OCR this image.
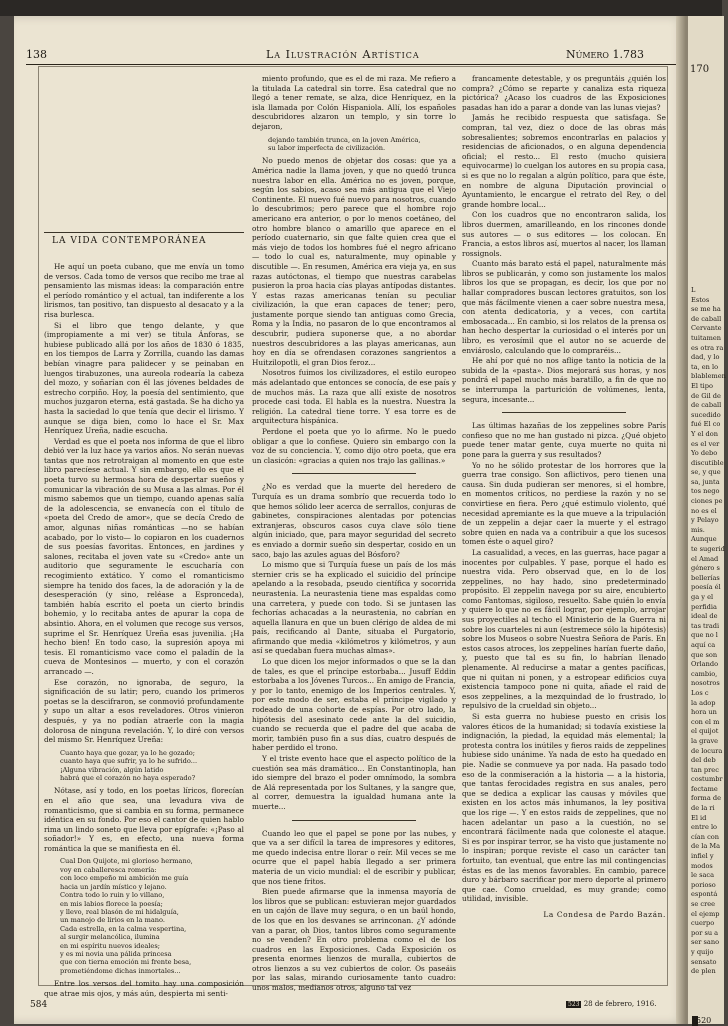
170
L
Estos
se me ha
de caball
Cervante
tuitamen
es otra ra
dad, y lo
ta, en lo
blablemen
El tipo
de Gil de
de caball
sucedido
fué El co
Y el don
es el ver
Yo debo
discutible
se, y que
sa, junta
tos nego
ciones pe
no es el
y Pelayo
mis.
Aunque
te sugerid
el Amad
género s
bellerías
poesía él
ga y el
perfidia
ideal de
tas tradi
que no l
aquí ca
que son
Orlando
cambio,
nosotros
Los c
la adop
hora un
con el m
el quijot
la grave
de locura
del deb
tan prec
costumbr
fectame
forma de
de la ri
El id
entre lo
cían con
de la Ma
infiel y
modos
le saca
porioso
espontá
se cree
el ejemp
cuerpo
por su a
ser sano
y quijo
sensato
de plen
520
138	La Ilustración Artística	Número 1.783
LA VIDA CONTEMPORÁNEA

He aquí un poeta cubano, que me envía un tomo de versos. Cada tomo de versos que recibo me trae al pensamiento las mismas ideas: la comparación entre el período romántico y el actual, tan indiferente a los lirismos, tan positivo, tan dispuesto al desacato y a la risa burlesca.

Si el libro que tengo delante, y que (impropiamente a mi ver) se titula Ánforas, se hubiese publicado allá por los años de 1830 ó 1835, en los tiempos de Larra y Zorrilla, cuando las damas bebían vinagre para palidecer y se peinaban en luengos tirabuzones, una aureola rodearía la cabeza del mozo, y soñarían con él las jóvenes beldades de estrecho corpiño. Hoy, la poesía del sentimiento, que muchos juzgaron eterna, está gastada. Se ha dicho ya hasta la saciedad lo que tenía que decir el lirismo. Y aunque se diga bien, como lo hace el Sr. Max Henríquez Ureña, nadie escucha.

Verdad es que el poeta nos informa de que el libro debió ver la luz hace ya varios años. No serán nuevas tantas que nos retrotraigan al momento en que este libro parecíese actual. Y sin embargo, ello es que el poeta turvo su hermosa hora de despertar sueños y comunicar la vibración de su Musa a las almas. Por él mismo sabemos que un tiempo, cuando apenas salía de la adolescencia, se envanecía con el título de «poeta del Credo de amor», que se decía Credo de amor, algunas niñas románticas —no se habían acabado, por lo visto— lo copiaron en los cuadernos de sus poesías favoritas. Entonces, en jardines y salones, recitaba el joven vate su «Credo» ante un auditorio que seguramente le escucharía con recogimiento extático. Y como el romanticismo siempre ha tenido dos faces, la de adoración y la de desesperación (y sino, reléase a Espronceda), también había escrito el poeta un cierto brindis bohemio, y lo recitaba antes de apurar la copa de absintio. Ahora, en el volumen que recoge sus versos, suprime el Sr. Henríquez Ureña esas juvenilia. ¡Ha hecho bien! En todo caso, la supresión apoya mi tesis. El romanticismo vace como el paladín de la cueva de Montesinos — muerto, y con el corazón arrancado —.

Ese corazón, no ignoraba, de seguro, la significación de su latir; pero, cuando los primeros poetas se la descifraron, se conmovió profundamente y supo un altar a esos reveladores. Otros vinieron después, y ya no podían atraerle con la magia dolorosa de ninguna revelación. Y, lo diré con versos del mismo Sr. Henríquez Ureña:

Cuanto haya que gozar, ya lo he gozado;
cuanto haya que sufrir, ya lo he sufrido...
¡Alguna vibración, algún latido
habrá que el corazón no haya esperado?

Nótase, así y todo, en los poetas líricos, florecían en el año que sea, una levadura viva de romanticismo, que si cambia en su forma, permanece idéntica en su fondo. Por eso el cantor de quien hablo rima un lindo soneto que lleva por epígrafe: «¡Paso al soñador!» Y es, en efecto, una nueva forma romántica la que se manifiesta en él.

Cual Don Quijote, mi glorioso hermano,
voy en caballeresca romería:
con loco empeño mi ambición me guía
hacia un jardín místico y lejano.
Contra todo lo ruin y lo villano,
en mis labios florece la poesía;
y llevo, real blasón de mi hidalguía,
un manojo de lirios en la mano.
Cada estrella, en la calma vespertina,
al surgir melancólica, ilumina
en mi espíritu nuevos ideales;
y es mi novia una pálida princesa
que con tierna emoción mi frente besa,
prometiéndome dichas inmortales...

Entre los versos del tomito hay una composición que atrae mis ojos, y más aún, despierta mi senti-

miento profundo, que es el de mi raza. Me refiero a la titulada La catedral sin torre. Esa catedral que no llegó a tener remate, se alza, dice Henríquez, en la isla llamada por Colón Hispaniola. Allí, los españoles descubridores alzaron un templo, y sin torre lo dejaron,

dejando también trunca, en la joven América,
su labor imperfecta de civilización.

No puedo menos de objetar dos cosas: que ya a América nadie la llama joven, y que no quedó trunca nuestra labor en ella. América no es joven, porque, según los sabios, acaso sea más antigua que el Viejo Continente. El nuevo fué nuevo para nosotros, cuando lo descubrimos; pero parece que el hombre rojo americano era anterior, o por lo menos coetáneo, del otro hombre blanco o amarillo que aparece en el período cuaternario, sin que falte quien crea que el más viejo de todos los hombres fué el negro africano — todo lo cual es, naturalmente, muy opinable y discutible —. En resumen, América era vieja ya, en sus razas autóctonas, el tiempo que nuestras carabelas pusieron la proa hacia cías playas antípodas distantes. Y estas razas americanas tenían su peculiar civilización, la que eran capaces de tener; pero, justamente porque siendo tan antiguas como Grecia, Roma y la India, no pasaron de lo que encontramos al descubrir, pudiera suponerse que, a no abordar nuestros descubridores a las playas americanas, aun hoy en día se ofrendasen corazones sangrientos a Huitzilopotli, el gran Dios feroz...

Nosotros fuimos los civilizadores, el estilo europeo más adelantado que entonces se conocía, de ese país y de muchos más. La raza que allí existe de nosotros procede casi toda. El habla es la nuestra. Nuestra la religión. La catedral tiene torre. Y esa torre es de arquitectura hispánica.

Perdone el poeta que yo lo afirme. No le puedo obligar a que lo confiese. Quiero sin embargo con la voz de su conciencia. Y, como dijo otro poeta, que era un clasicón: «gracias a quien nos trajo las gallinas.»

¿No es verdad que la muerte del heredero de Turquía es un drama sombrío que recuerda todo lo que hemos sólido leer acerca de serrallos, conjuras de gabinetes, conspiraciones alentadas por potencias extranjeras, obscuros casos cuya clave sólo tiene algún iniciado, que, para mayor seguridad del secreto es enviado a dormir sueño sin despertar, cosido en un saco, bajo las azules aguas del Bósforo?

Lo mismo que si Turquía fuese un país de los más sternier cris se ha explicado el suicidio del príncipe apelando a la resobada, pseudo científica y socorrida neurastenia. La neurastenia tiene mas espaldas como una carretera, y puede con todo. Si se juntasen las fechorías achacadas a la neurastenia, no cabrían en aquella llanura en que un buen clérigo de aldea de mi país, recificando al Dante, situaba el Purgatorio, afirmando que media «kilómetros y kilómetros, y aun así se quedaban fuera muchas almas».

Lo que dicen los mejor informados o que se la dan de tales, es que el príncipe estorbaba... Jusuff Eddin estorbaba a los Jóvenes Turcos... En amigo de Francia, y por lo tanto, enemigo de los Imperios centrales. Y, por este modo de ser, estaba el príncipe vigilado y rodeado de una cohorte de espías. Por otro lado, la hipótesis del asesinato cede ante la del suicidio, cuando se recuerda que el padre del que acaba de morir, también puso fin a sus días, cuatro después de haber perdido el trono.

Y el triste evento hace que el aspecto político de la cuestión sea más dramático... En Constantinopla, han ido siempre del brazo el poder omnímodo, la sombra de Alá representada por los Sultanes, y la sangre que, al correr, demuestra la igualdad humana ante la muerte...

Cuando leo que el papel se pone por las nubes, y que va a ser difícil la tarea de impresores y editores, me quedo indecisa entre llorar o reír. Mil veces se me ocurre que el papel había llegado a ser primera materia de un vicio mundial: el de escribir y publicar, que nos tiene fritos.

Bien puede afirmarse que la inmensa mayoría de los libros que se publican: estuvieran mejor guardados en un cajón de llave muy segura, o en un baúl hondo, de los que en los desvanes se arrinconan. ¿Y adónde van a parar, oh Dios, tantos libros como seguramente no se venden? En otro problema como el de los cuadros en las Exposiciones. Cada Exposición os presenta enormes lienzos de muralla, cubiertos de otros lienzos a su vez cubiertos de color. Os paseáis por las salas, mirando curiosamente tanto cuadro: unos malos, medianos otros, alguno tal vez

francamente detestable, y os preguntáis ¿quién los compra? ¿Cómo se reparte y canaliza esta riqueza pictórica? ¿Acaso los cuadros de las Exposiciones pasadas han ido a parar a donde van las lunas viejas?

Jamás he recibido respuesta que satisfaga. Se compran, tal vez, diez o doce de las obras más sobresalientes; sobremos encontrarlas en palacios y residencias de aficionados, o en alguna dependencia oficial; el resto... El resto (mucho quisiera equivocarme) lo cuelgan los autores en su propia casa, si es que no lo regalan a algún político, para que éste, en nombre de alguna Diputación provincial o Ayuntamiento, le encargue el retrato del Rey, o del grande hombre local...

Con los cuadros que no encontraron salida, los libros duermen, amarilleando, en los rincones donde sus autores — o sus editores — los colocan. En Francia, a estos libros así, muertos al nacer, los llaman rossignols.

Cuanto más barato está el papel, naturalmente más libros se publicarán, y como son justamente los malos libros los que se propagan, es decir, los que por no hallar compradores buscan lectores gratuitos, son los que más fácilmente vienen a caer sobre nuestra mesa, con atenta dedicatoria, y a veces, con cartita embosacada... En cambio, si los relatos de la prensa os han hecho despertar la curiosidad o el interés por un libro, es verosímil que el autor no se acuerde de enviároslo, calculando que lo compraréis...

He ahí por qué no nos aflige tanto la noticia de la subida de la «pasta». Dios mejorará sus horas, y nos pondrá el papel mucho más baratillo, a fin de que no se interrumpa la parturición de volúmenes, lenta, segura, incesante...

Las últimas hazañas de los zeppelines sobre París confieso que no me han gustado ni pizca. ¿Qué objeto puede tener matar gente, cuya muerte no quita ni pone para la guerra y sus resultados?

Yo no he sólido protestar de los horrores que la guerra trae consigo. Son aflictivos, pero tienen una causa. Sin duda pudieran ser menores, si el hombre, en momentos críticos, no perdiese la razón y no se convirtiese en fiera. Pero ¿qué estimulo violento, qué necesidad apremiante es la que mueve a la tripulación de un zeppelin a dejar caer la muerte y el estrago sobre quien en nada va a contribuir a que los sucesos tomen éste o aquel giro?

La casualidad, a veces, en las guerras, hace pagar a inocentes por culpables. Y pase, porque el hado es nuestra vida. Pero observad que, en lo de los zeppelines, no hay hado, sino predeterminado propósito. El zeppelin navega por su aire, encubierto como Fantomas, sigiloso, resuelto. Sabe quién lo envía y quiere lo que no es fácil lograr, por ejemplo, arrojar sus proyectiles al techo el Ministerio de la Guerra ni sobre los cuarteles ni aun (estremece sólo la hipótesis) sobre los Museos o sobre Nuestra Señora de París. En estos casos atroces, los zeppelines harían fuerte daño, y, puesto que tal es su fin, lo habrían llenado plenamente. Al reducirse a matar a gentes pacíficas, que ni quitan ni ponen, y a estropear edificios cuya existencia tampoco pone ni quita, añade el raid de esos zeppelines, a la mezquindad de lo frustrado, lo repulsivo de la crueldad sin objeto...

Si esta guerra no hubiese puesto en crisis los valores éticos de la humanidad; si todavía existiese la indignación, la piedad, la equidad más elemental; la protesta contra los inútiles y fieros raids de zeppelines hubiese sido unánime. Ya nada de esto ha quedado en pie. Nadie se conmueve ya por nada. Ha pasado todo eso de la conmiseración a la historia — a la historia, que tantas ferocidades registra en sus anales, pero que se dedica a explicar las causas y móviles que existen en los actos más inhumanos, la ley positiva que los rige —. Y en estos raids de zeppelines, que no hacen adelantar un paso a la cuestión, no se encontrará fácilmente nada que coloneste el ataque. Si es por inspirar terror, se ha visto que justamente no lo inspiran; porque reviste el caso un carácter tan fortuito, tan eventual, que entre las mil contingencias éstas es de las menos favorables. En cambio, parece duro y bárbaro sacrificar por mero deporte al primero que cae. Como crueldad, es muy grande; como utilidad, invisible.

La Condesa de Pardo Bazán.
584	523 28 de febrero, 1916.
